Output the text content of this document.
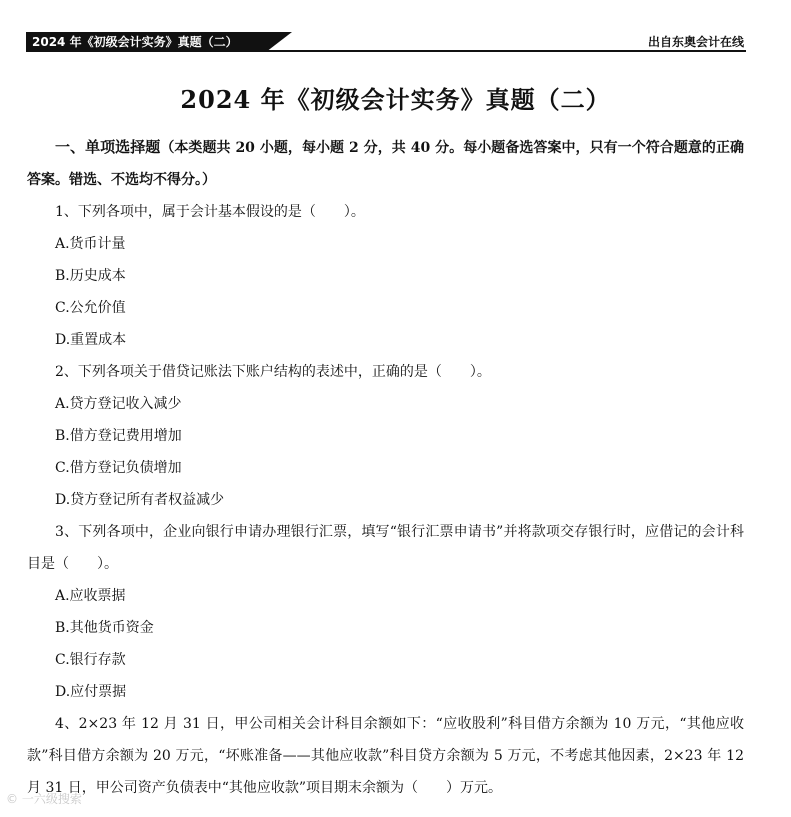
2024 年《初级会计实务》真题（二）	出自东奥会计在线
2024 年《初级会计实务》真题（二）
一、单项选择题（本类题共 20 小题，每小题 2 分，共 40 分。每小题备选答案中，只有一个符合题意的正确答案。错选、不选均不得分。）
1、下列各项中，属于会计基本假设的是（　　）。
A.货币计量
B.历史成本
C.公允价值
D.重置成本
2、下列各项关于借贷记账法下账户结构的表述中，正确的是（　　）。
A.贷方登记收入减少
B.借方登记费用增加
C.借方登记负债增加
D.贷方登记所有者权益减少
3、下列各项中，企业向银行申请办理银行汇票，填写“银行汇票申请书”并将款项交存银行时，应借记的会计科目是（　　）。
A.应收票据
B.其他货币资金
C.银行存款
D.应付票据
4、2×23 年 12 月 31 日，甲公司相关会计科目余额如下：“应收股利”科目借方余额为 10 万元，“其他应收款”科目借方余额为 20 万元，“坏账准备——其他应收款”科目贷方余额为 5 万元，不考虑其他因素，2×23 年 12 月 31 日，甲公司资产负债表中“其他应收款”项目期末余额为（　　）万元。
© 一六级搜索
